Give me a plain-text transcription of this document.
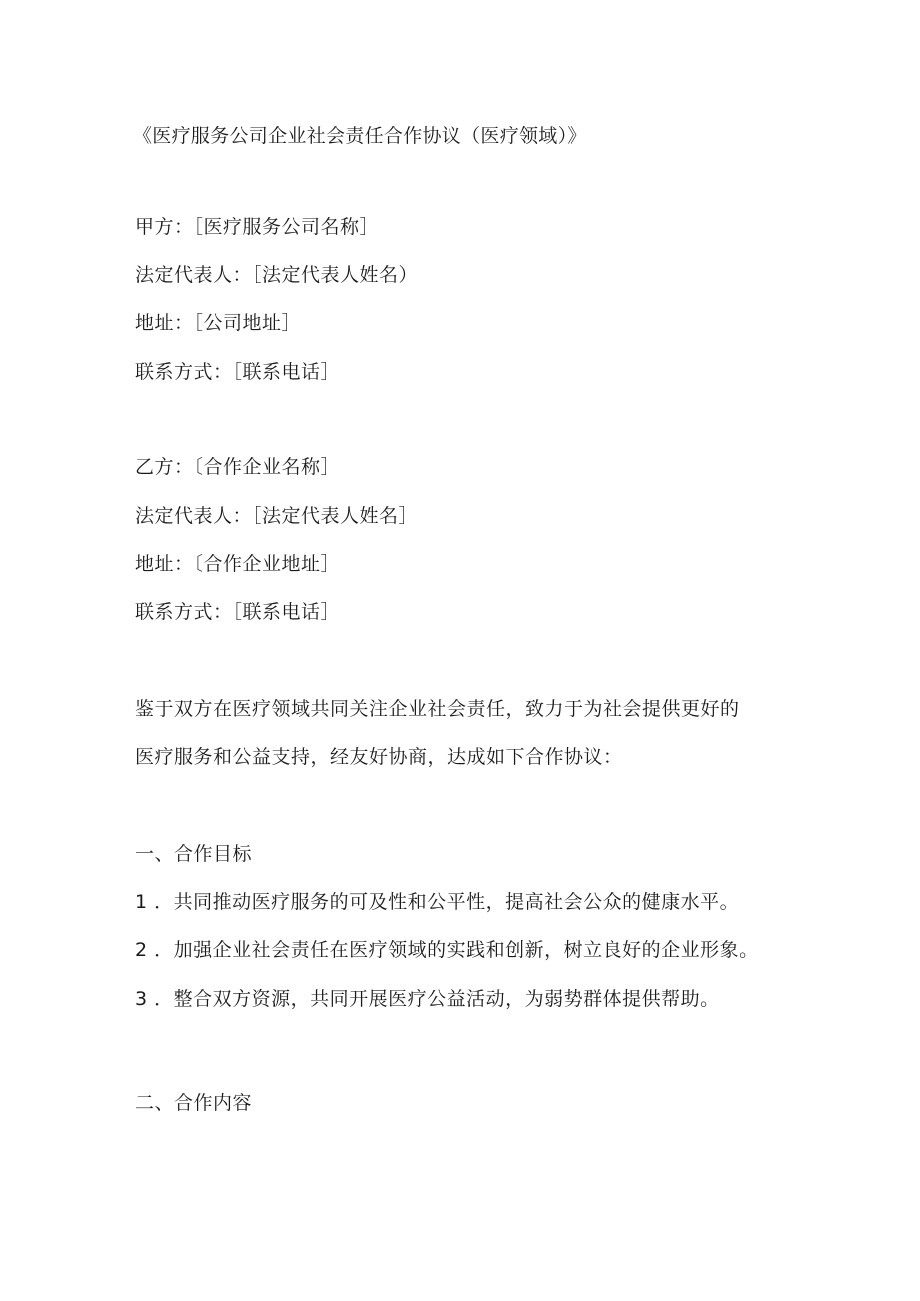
《医疗服务公司企业社会责任合作协议（医疗领域）》
甲方：［医疗服务公司名称］
法定代表人：［法定代表人姓名）
地址：［公司地址］
联系方式：［联系电话］
乙方：〔合作企业名称］
法定代表人：［法定代表人姓名］
地址：〔合作企业地址］
联系方式：［联系电话］
鉴于双方在医疗领域共同关注企业社会责任，致力于为社会提供更好的
医疗服务和公益支持，经友好协商，达成如下合作协议：
一、合作目标
1 ．共同推动医疗服务的可及性和公平性，提高社会公众的健康水平。
2 ．加强企业社会责任在医疗领域的实践和创新，树立良好的企业形象。
3 ．整合双方资源，共同开展医疗公益活动，为弱势群体提供帮助。
二、合作内容
